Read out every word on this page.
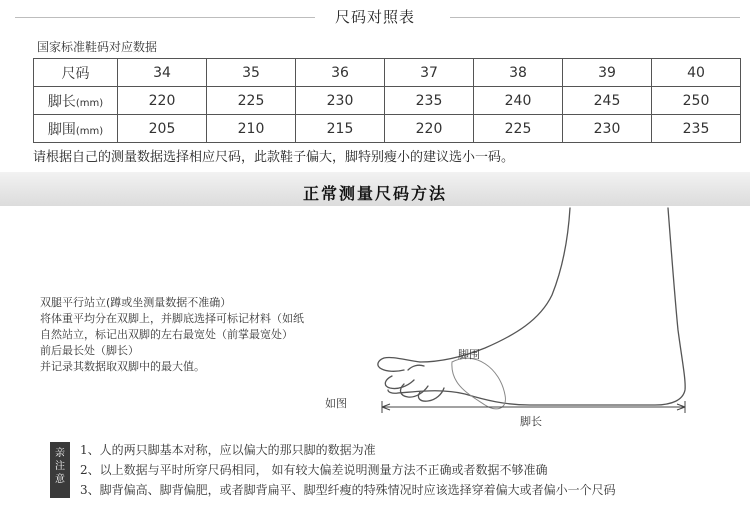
尺码对照表
国家标准鞋码对应数据
尺码	34	35	36	37	38	39	40
脚长(mm)	220	225	230	235	240	245	250
脚围(mm)	205	210	215	220	225	230	235
请根据自己的测量数据选择相应尺码，此款鞋子偏大，脚特别瘦小的建议选小一码。
正常测量尺码方法
双腿平行站立(蹲或坐测量数据不准确）
将体重平均分在双脚上，并脚底选择可标记材料（如纸
自然站立，标记出双脚的左右最宽处（前掌最宽处）
前后最长处（脚长）
并记录其数据取双脚中的最大值。
脚围
脚长
如图
亲
注
意
1、人的两只脚基本对称，应以偏大的那只脚的数据为准
2、以上数据与平时所穿尺码相同， 如有较大偏差说明测量方法不正确或者数据不够准确
3、脚背偏高、脚背偏肥，或者脚背扁平、脚型纤瘦的特殊情况时应该选择穿着偏大或者偏小一个尺码
